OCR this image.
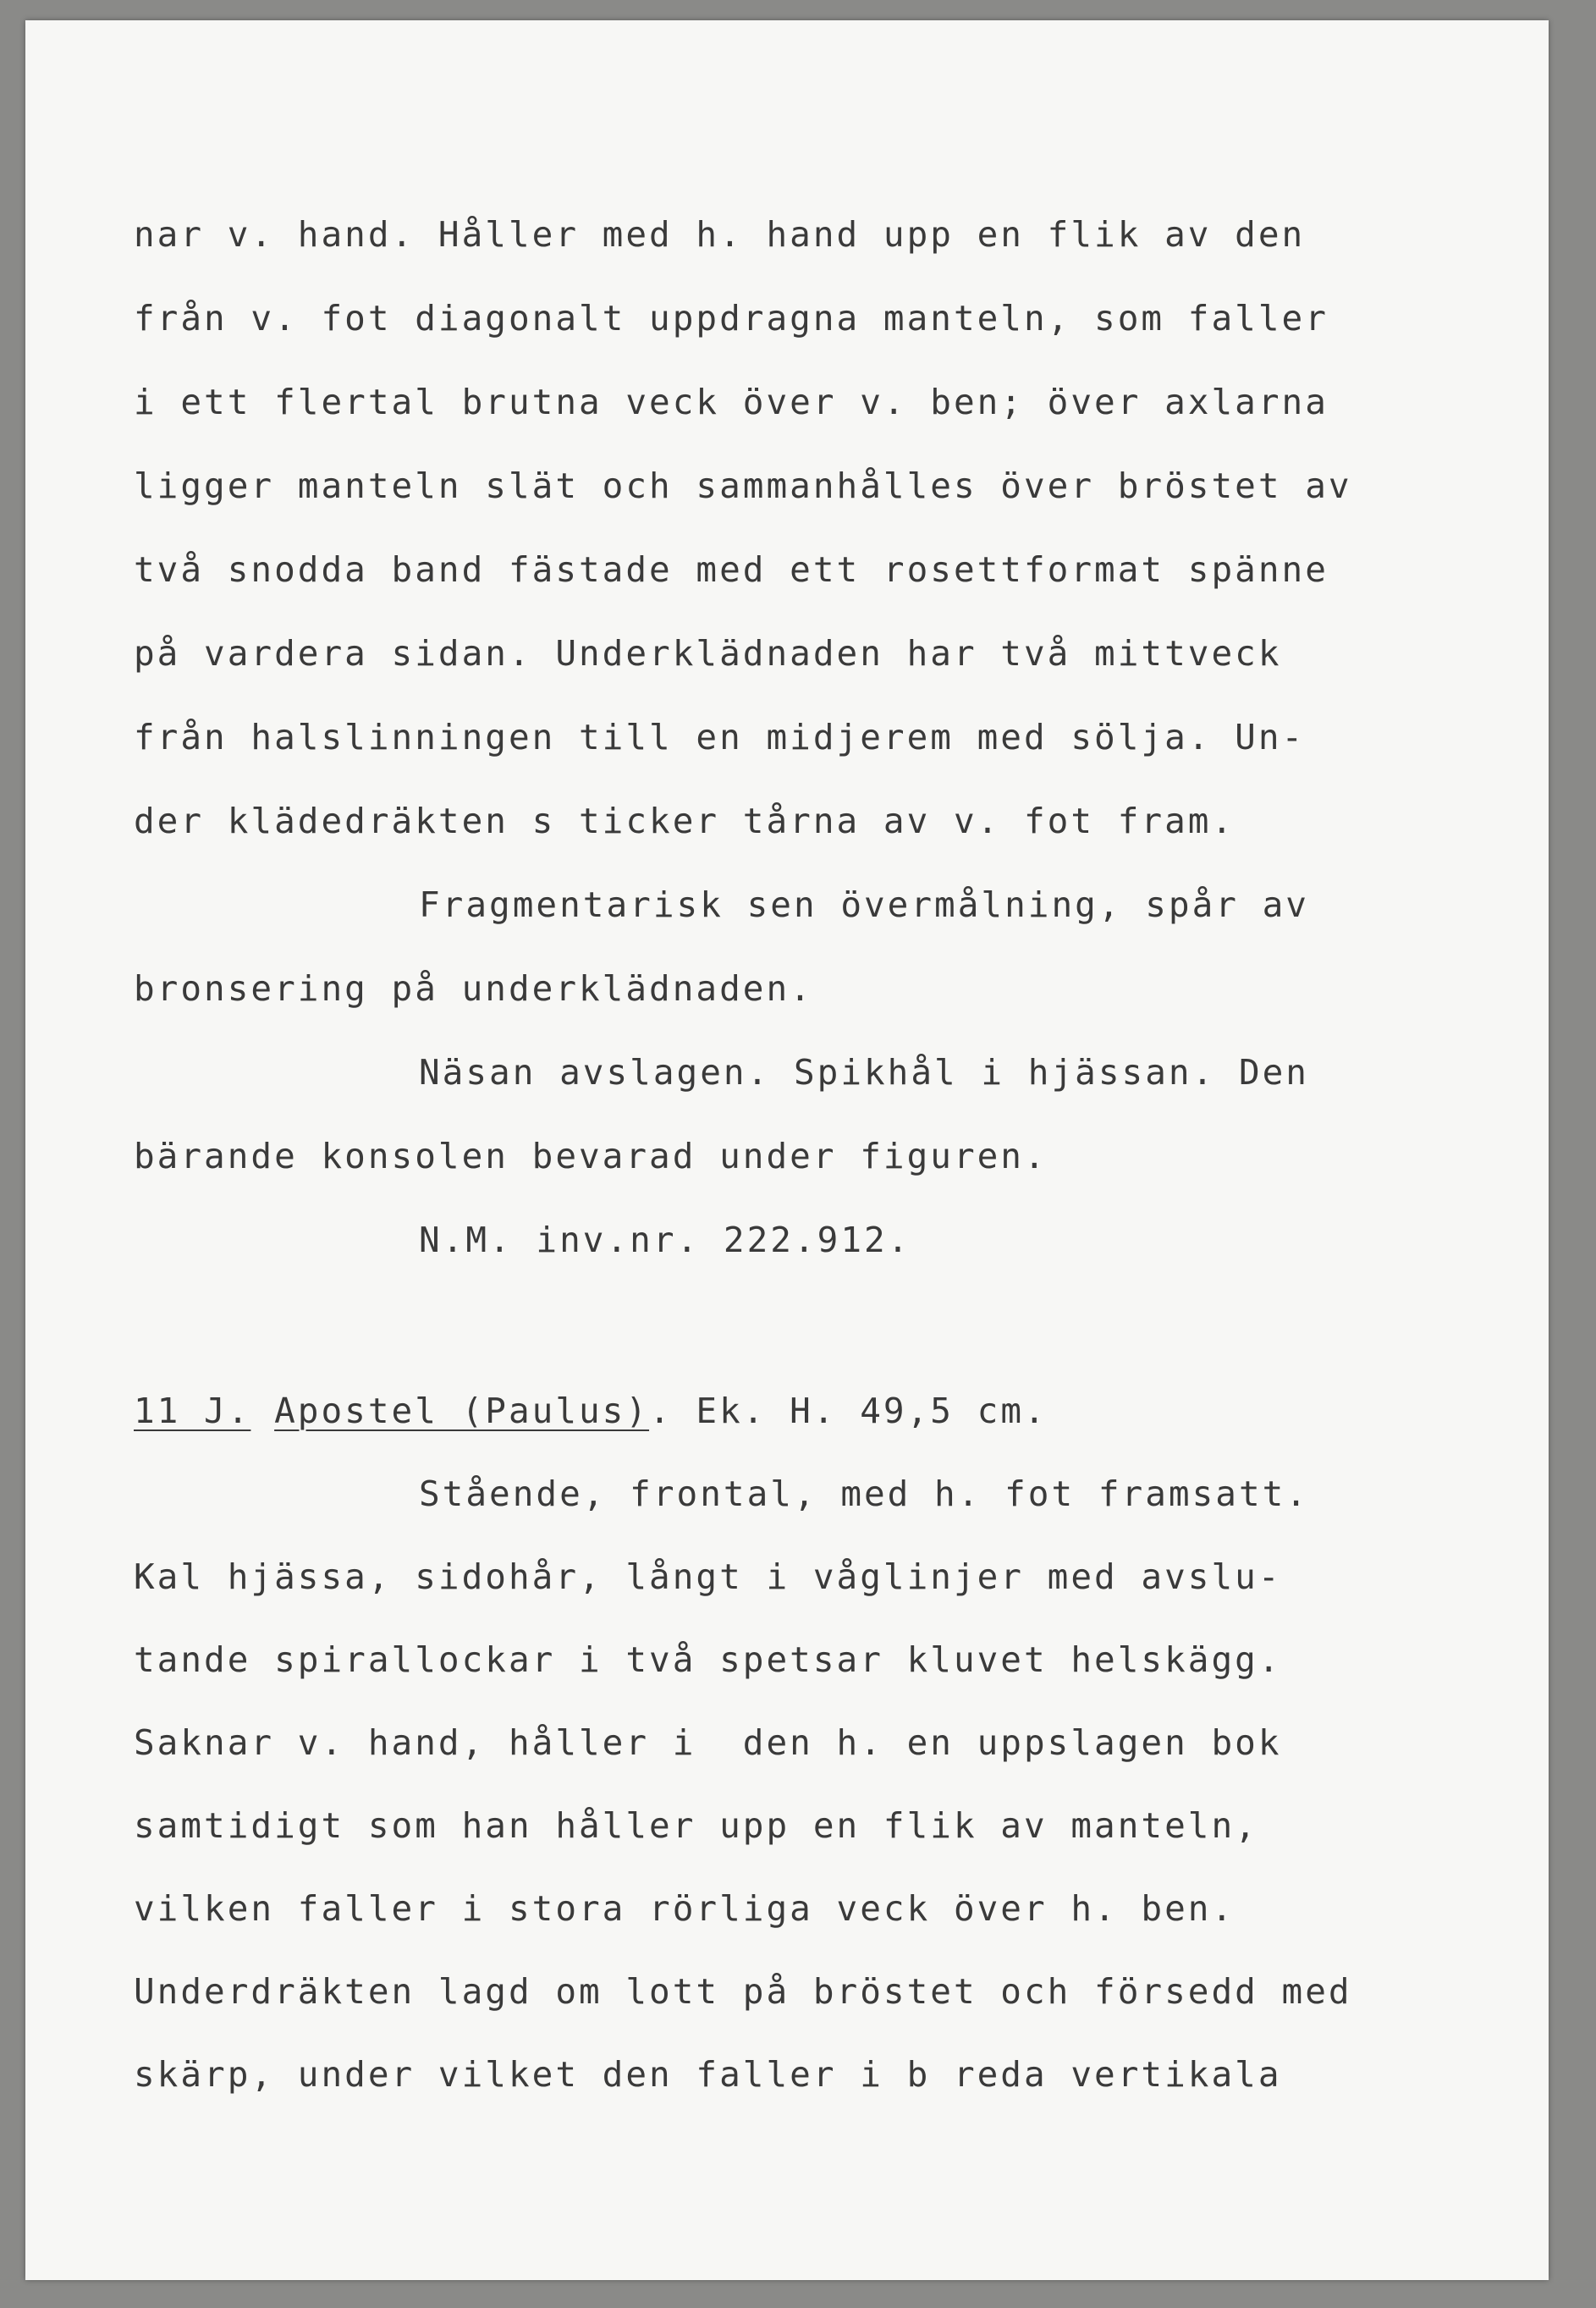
nar v. hand. Håller med h. hand upp en flik av den
från v. fot diagonalt uppdragna manteln, som faller
i ett flertal brutna veck över v. ben; över axlarna
ligger manteln slät och sammanhålles över bröstet av
två snodda band fästade med ett rosettformat spänne
på vardera sidan. Underklädnaden har två mittveck
från halslinningen till en midjerem med sölja. Un-
der klädedräkten s ticker tårna av v. fot fram.
Fragmentarisk sen övermålning, spår av
bronsering på underklädnaden.
Näsan avslagen. Spikhål i hjässan. Den
bärande konsolen bevarad under figuren.
N.M. inv.nr. 222.912.
11 J. Apostel (Paulus). Ek. H. 49,5 cm.
Stående, frontal, med h. fot framsatt.
Kal hjässa, sidohår, långt i våglinjer med avslu-
tande spirallockar i två spetsar kluvet helskägg.
Saknar v. hand, håller i  den h. en uppslagen bok
samtidigt som han håller upp en flik av manteln,
vilken faller i stora rörliga veck över h. ben.
Underdräkten lagd om lott på bröstet och försedd med
skärp, under vilket den faller i b reda vertikala
